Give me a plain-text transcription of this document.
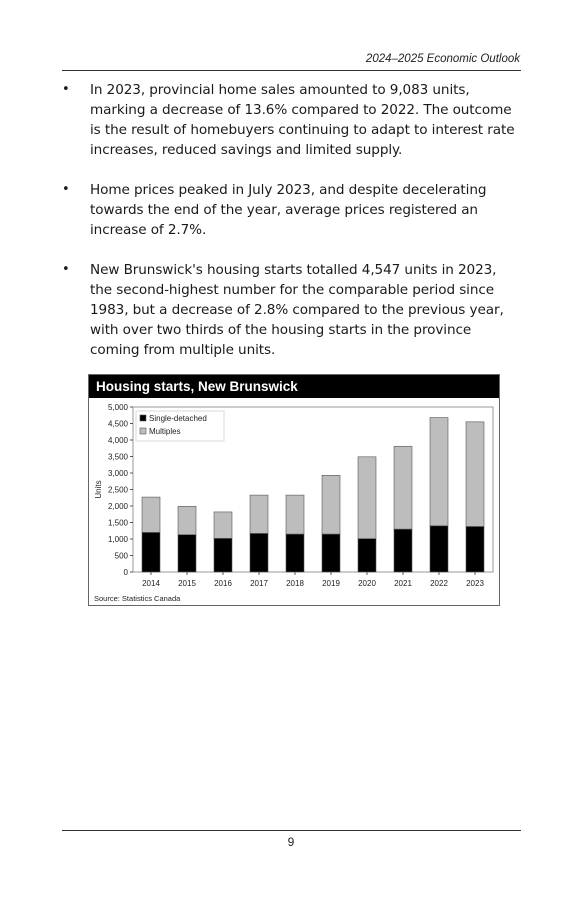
2024–2025 Economic Outlook
• In 2023, provincial home sales amounted to 9,083 units, marking a decrease of 13.6% compared to 2022. The outcome is the result of homebuyers continuing to adapt to interest rate increases, reduced savings and limited supply.
• Home prices peaked in July 2023, and despite decelerating towards the end of the year, average prices registered an increase of 2.7%.
• New Brunswick's housing starts totalled 4,547 units in 2023, the second-highest number for the comparable period since 1983, but a decrease of 2.8% compared to the previous year, with over two thirds of the housing starts in the province coming from multiple units.
Housing starts, New Brunswick
0
500
1,000
1,500
2,000
2,500
3,000
3,500
4,000
4,500
5,000
Units
2014 2015 2016 2017 2018 2019 2020 2021 2022 2023
Single-detached
Multiples
Source: Statistics Canada
9
